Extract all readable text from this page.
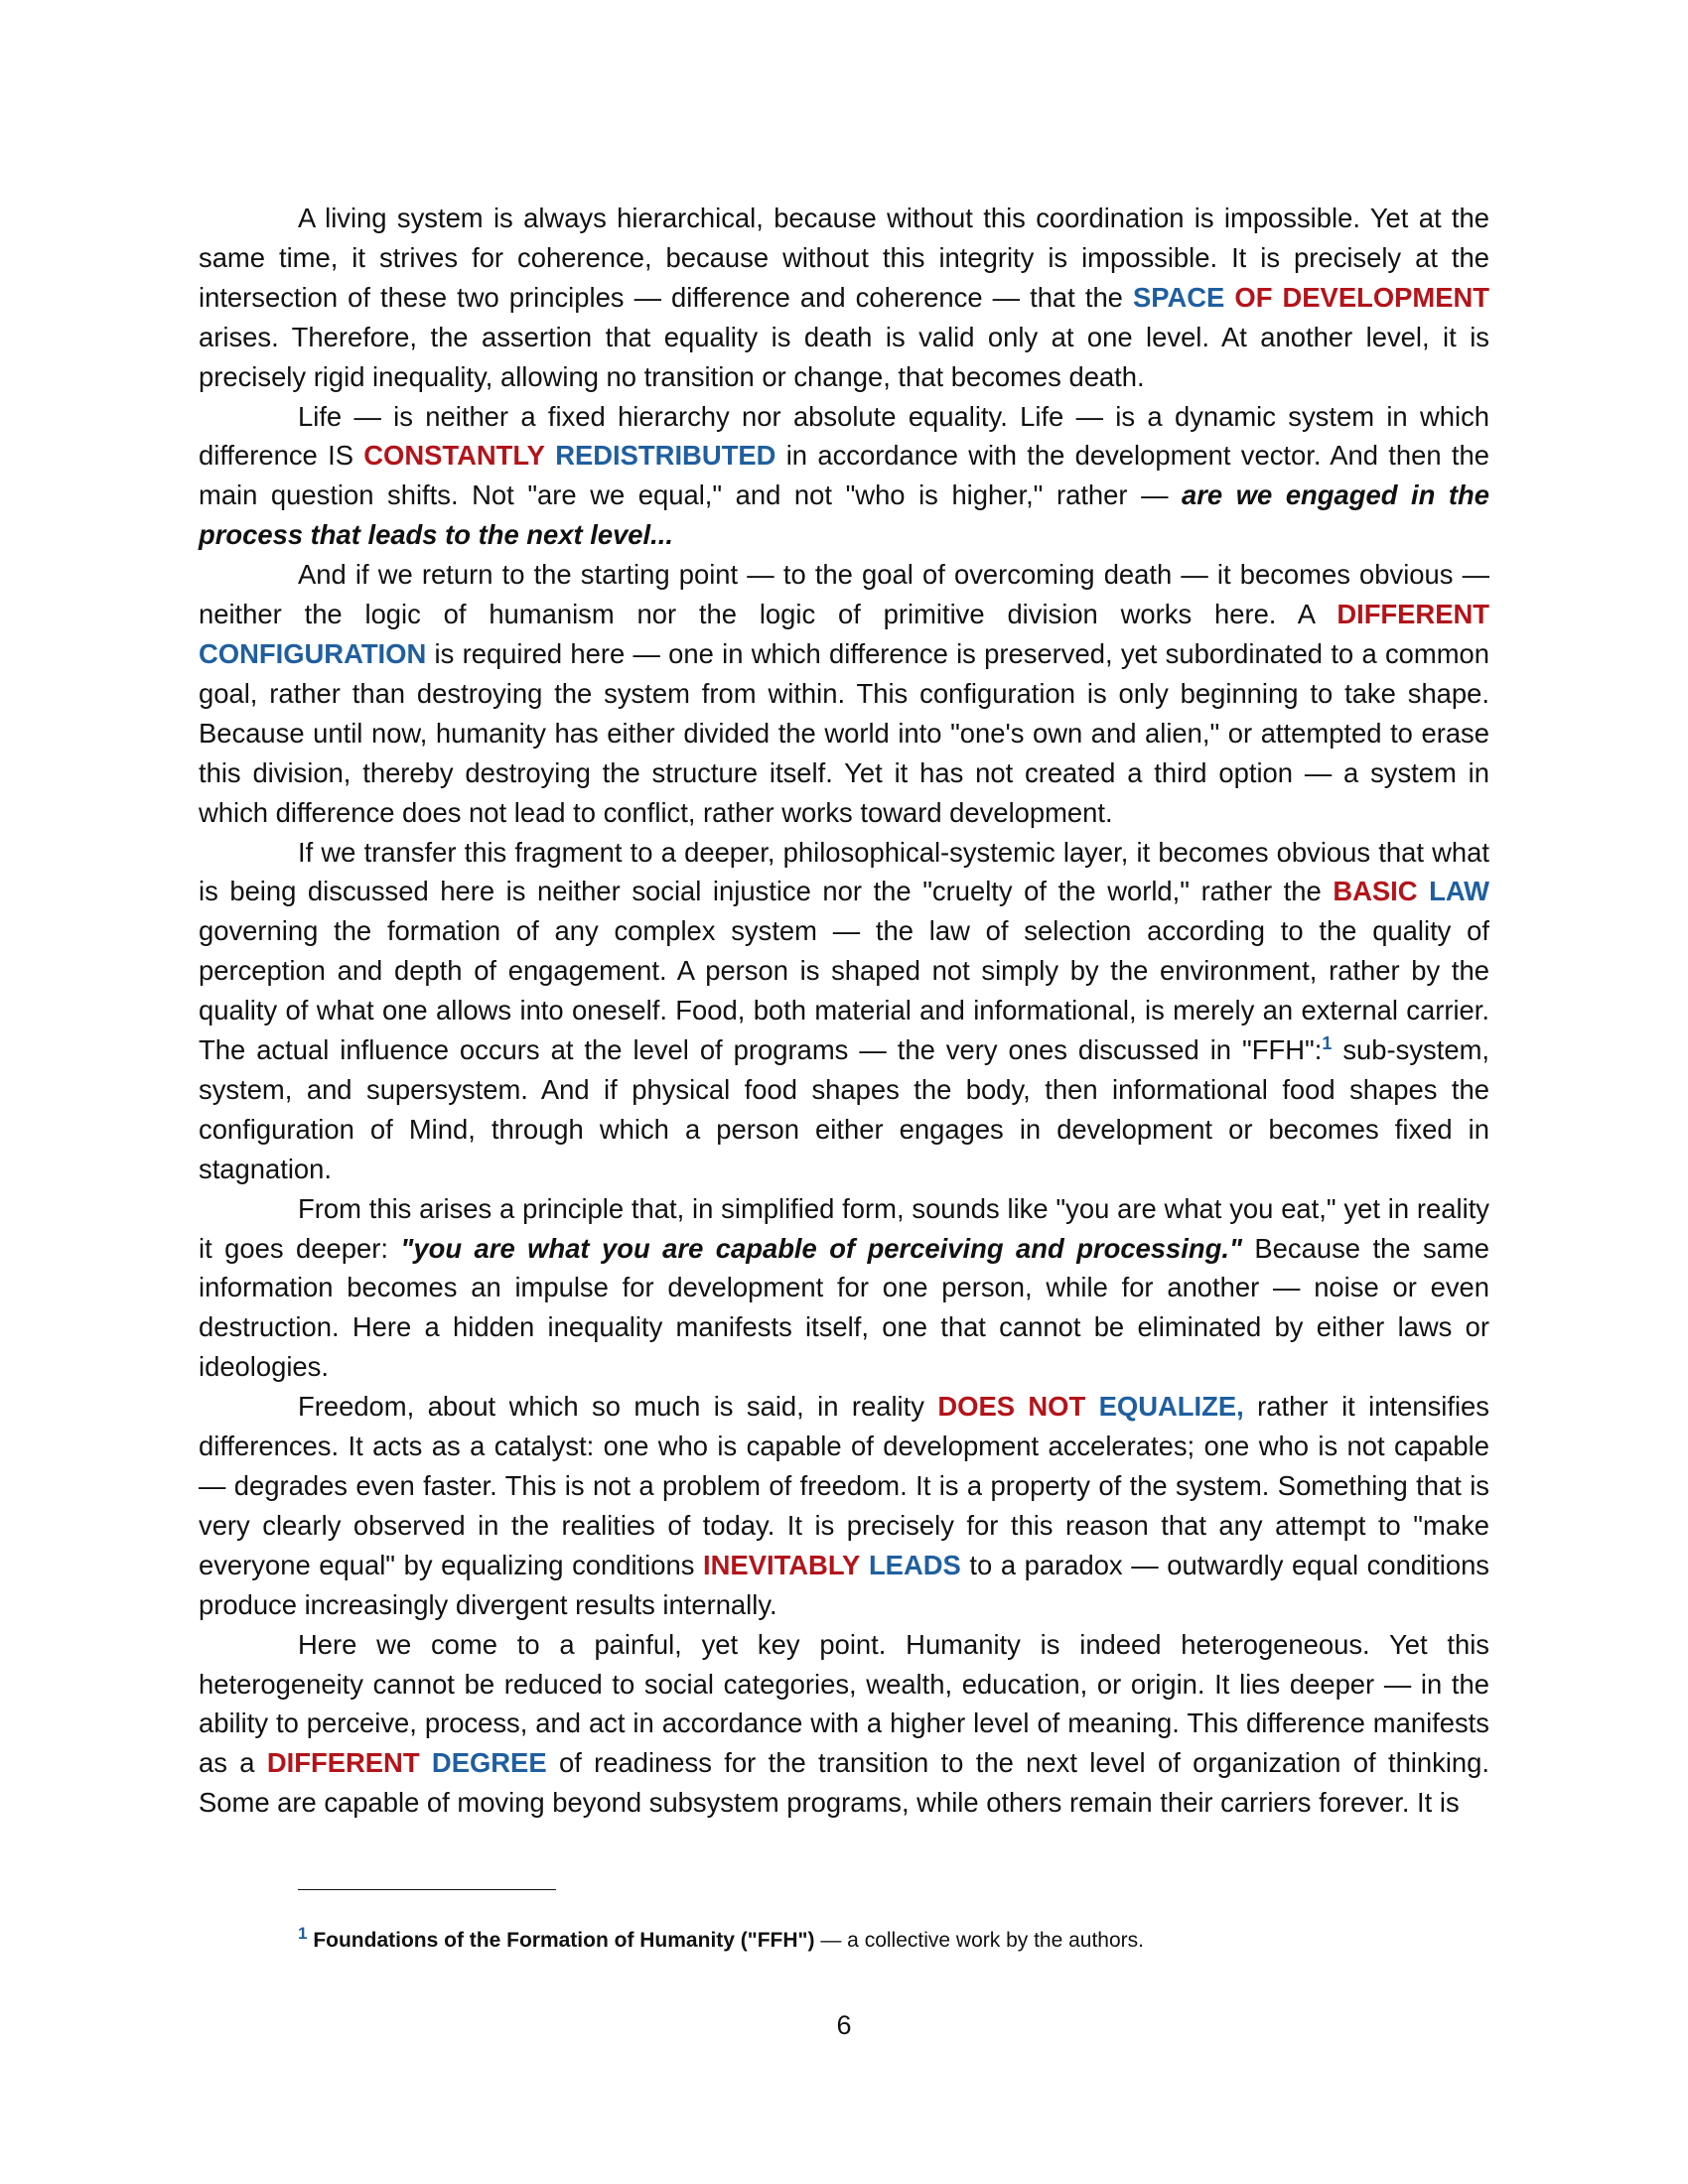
A living system is always hierarchical, because without this coordination is impossible. Yet at the same time, it strives for coherence, because without this integrity is impossible. It is precisely at the intersection of these two principles — difference and coherence — that the SPACE OF DEVELOPMENT arises. Therefore, the assertion that equality is death is valid only at one level. At another level, it is precisely rigid inequality, allowing no transition or change, that becomes death.

Life — is neither a fixed hierarchy nor absolute equality. Life — is a dynamic system in which difference IS CONSTANTLY REDISTRIBUTED in accordance with the development vector. And then the main question shifts. Not "are we equal," and not "who is higher," rather — are we engaged in the process that leads to the next level...

And if we return to the starting point — to the goal of overcoming death — it becomes obvious — neither the logic of humanism nor the logic of primitive division works here. A DIFFERENT CONFIGURATION is required here — one in which difference is preserved, yet subordinated to a common goal, rather than destroying the system from within. This configuration is only beginning to take shape. Because until now, humanity has either divided the world into "one's own and alien," or attempted to erase this division, thereby destroying the structure itself. Yet it has not created a third option — a system in which difference does not lead to conflict, rather works toward development.

If we transfer this fragment to a deeper, philosophical-systemic layer, it becomes obvious that what is being discussed here is neither social injustice nor the "cruelty of the world," rather the BASIC LAW governing the formation of any complex system — the law of selection according to the quality of perception and depth of engagement. A person is shaped not simply by the environment, rather by the quality of what one allows into oneself. Food, both material and informational, is merely an external carrier. The actual influence occurs at the level of programs — the very ones discussed in "FFH":$^1$ sub-system, system, and supersystem. And if physical food shapes the body, then informational food shapes the configuration of Mind, through which a person either engages in development or becomes fixed in stagnation.

From this arises a principle that, in simplified form, sounds like "you are what you eat," yet in reality it goes deeper: "you are what you are capable of perceiving and processing." Because the same information becomes an impulse for development for one person, while for another — noise or even destruction. Here a hidden inequality manifests itself, one that cannot be eliminated by either laws or ideologies.

Freedom, about which so much is said, in reality DOES NOT EQUALIZE, rather it intensifies differences. It acts as a catalyst: one who is capable of development accelerates; one who is not capable — degrades even faster. This is not a problem of freedom. It is a property of the system. Something that is very clearly observed in the realities of today. It is precisely for this reason that any attempt to "make everyone equal" by equalizing conditions INEVITABLY LEADS to a paradox — outwardly equal conditions produce increasingly divergent results internally.

Here we come to a painful, yet key point. Humanity is indeed heterogeneous. Yet this heterogeneity cannot be reduced to social categories, wealth, education, or origin. It lies deeper — in the ability to perceive, process, and act in accordance with a higher level of meaning. This difference manifests as a DIFFERENT DEGREE of readiness for the transition to the next level of organization of thinking. Some are capable of moving beyond subsystem programs, while others remain their carriers forever. It is

$^1$ Foundations of the Formation of Humanity ("FFH") — a collective work by the authors.
6
